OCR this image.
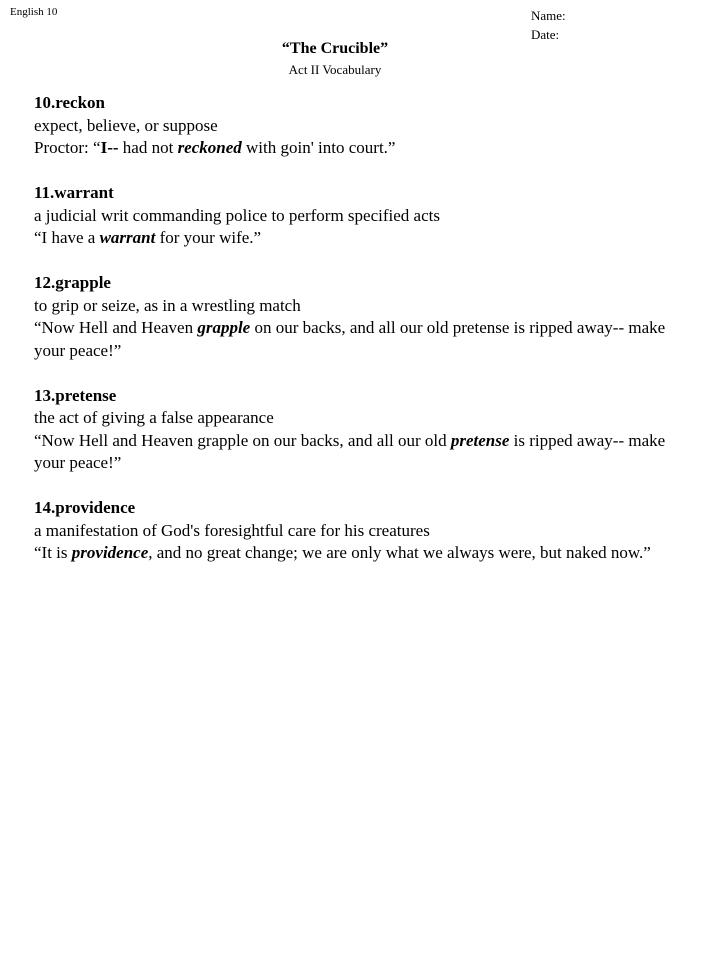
English 10	Name:
Date:
“The Crucible”
Act II Vocabulary
10.reckon
expect, believe, or suppose
Proctor: “I-- had not reckoned with goin' into court.”
11.warrant
a judicial writ commanding police to perform specified acts
“I have a warrant for your wife.”
12.grapple
to grip or seize, as in a wrestling match
“Now Hell and Heaven grapple on our backs, and all our old pretense is ripped away-- make your peace!”
13.pretense
the act of giving a false appearance
“Now Hell and Heaven grapple on our backs, and all our old pretense is ripped away-- make your peace!”
14.providence
a manifestation of God's foresightful care for his creatures
“It is providence, and no great change; we are only what we always were, but naked now.”
